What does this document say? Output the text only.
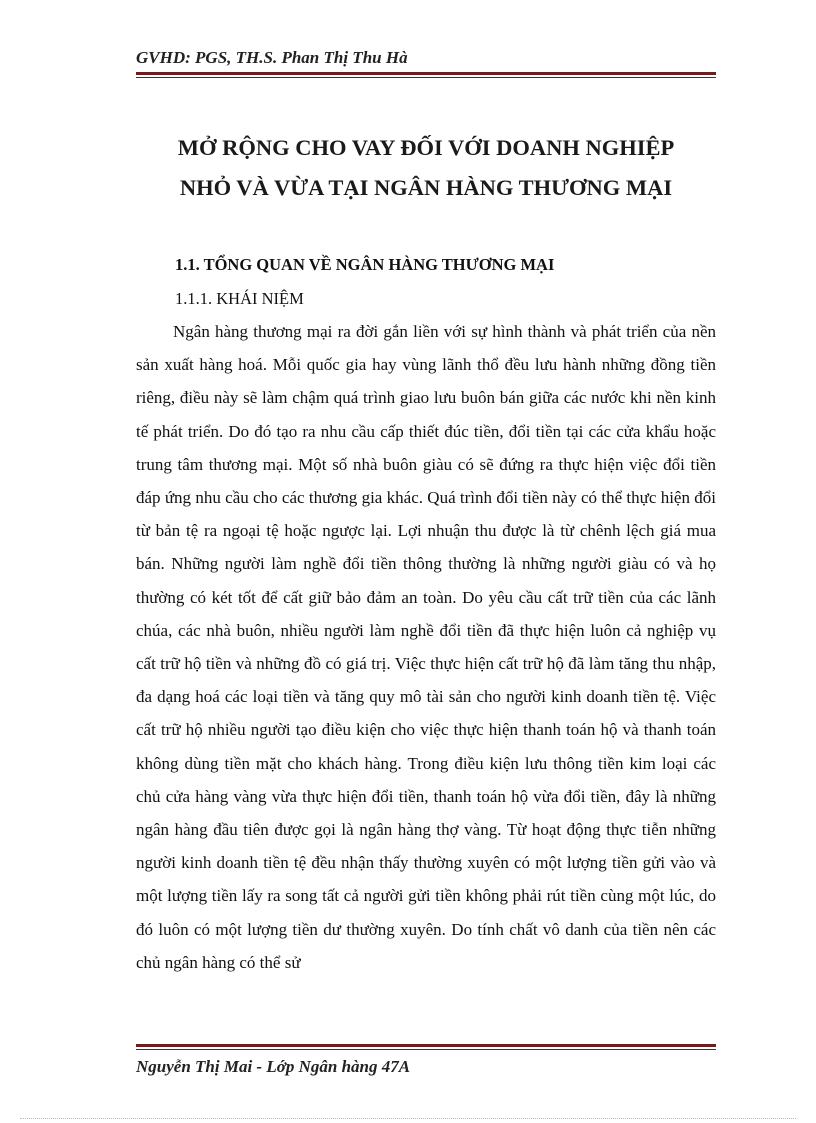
GVHD: PGS, TH.S. Phan Thị Thu Hà
MỞ RỘNG CHO VAY ĐỐI VỚI DOANH NGHIỆP
NHỎ VÀ VỪA TẠI NGÂN HÀNG THƯƠNG MẠI
1.1. TỔNG QUAN VỀ NGÂN HÀNG THƯƠNG MẠI
1.1.1. KHÁI NIỆM

Ngân hàng thương mại ra đời gắn liền với sự hình thành và phát triển của nền sản xuất hàng hoá. Mỗi quốc gia hay vùng lãnh thổ đều lưu hành những đồng tiền riêng, điều này sẽ làm chậm quá trình giao lưu buôn bán giữa các nước khi nền kinh tế phát triển. Do đó tạo ra nhu cầu cấp thiết đúc tiền, đổi tiền tại các cửa khẩu hoặc trung tâm thương mại. Một số nhà buôn giàu có sẽ đứng ra thực hiện việc đổi tiền đáp ứng nhu cầu cho các thương gia khác. Quá trình đổi tiền này có thể thực hiện đổi từ bản tệ ra ngoại tệ hoặc ngược lại. Lợi nhuận thu được là từ chênh lệch giá mua bán. Những người làm nghề đổi tiền thông thường là những người giàu có và họ thường có két tốt để cất giữ bảo đảm an toàn. Do yêu cầu cất trữ tiền của các lãnh chúa, các nhà buôn, nhiều người làm nghề đổi tiền đã thực hiện luôn cả nghiệp vụ cất trữ hộ tiền và những đồ có giá trị. Việc thực hiện cất trữ hộ đã làm tăng thu nhập, đa dạng hoá các loại tiền và tăng quy mô tài sản cho người kinh doanh tiền tệ. Việc cất trữ hộ nhiều người tạo điều kiện cho việc thực hiện thanh toán hộ và thanh toán không dùng tiền mặt cho khách hàng. Trong điều kiện lưu thông tiền kim loại các chủ cửa hàng vàng vừa thực hiện đổi tiền, thanh toán hộ vừa đổi tiền, đây là những ngân hàng đầu tiên được gọi là ngân hàng thợ vàng. Từ hoạt động thực tiễn những người kinh doanh tiền tệ đều nhận thấy thường xuyên có một lượng tiền gửi vào và một lượng tiền lấy ra song tất cả người gửi tiền không phải rút tiền cùng một lúc, do đó luôn có một lượng tiền dư thường xuyên. Do tính chất vô danh của tiền nên các chủ ngân hàng có thể sử

Nguyễn Thị Mai - Lớp Ngân hàng 47A
